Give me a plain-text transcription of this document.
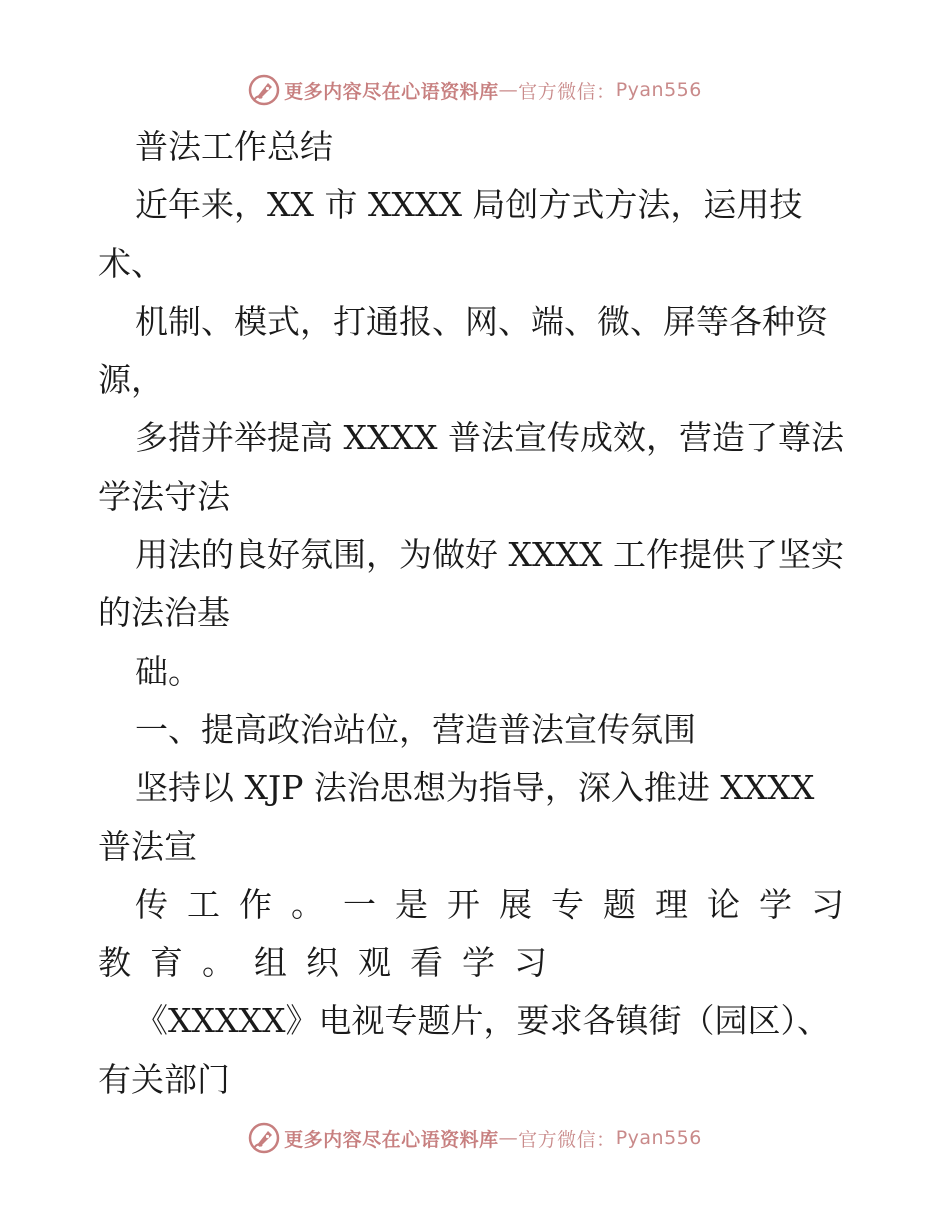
更多内容尽在心语资料库 — 官方微信： Pyan556
普法工作总结
近年来，XX 市 XXXX 局创方式方法，运用技
术、
机制、模式，打通报、网、端、微、屏等各种资
源，
多措并举提高 XXXX 普法宣传成效，营造了尊法
学法守法
用法的良好氛围，为做好 XXXX 工作提供了坚实
的法治基
础。
一、提高政治站位，营造普法宣传氛围
坚持以 XJP 法治思想为指导，深入推进 XXXX
普法宣
传工作。一是开展专题理论学习
教育。组织观看学习
《XXXXX》电视专题片，要求各镇街（园区）、
有关部门
更多内容尽在心语资料库 — 官方微信： Pyan556
